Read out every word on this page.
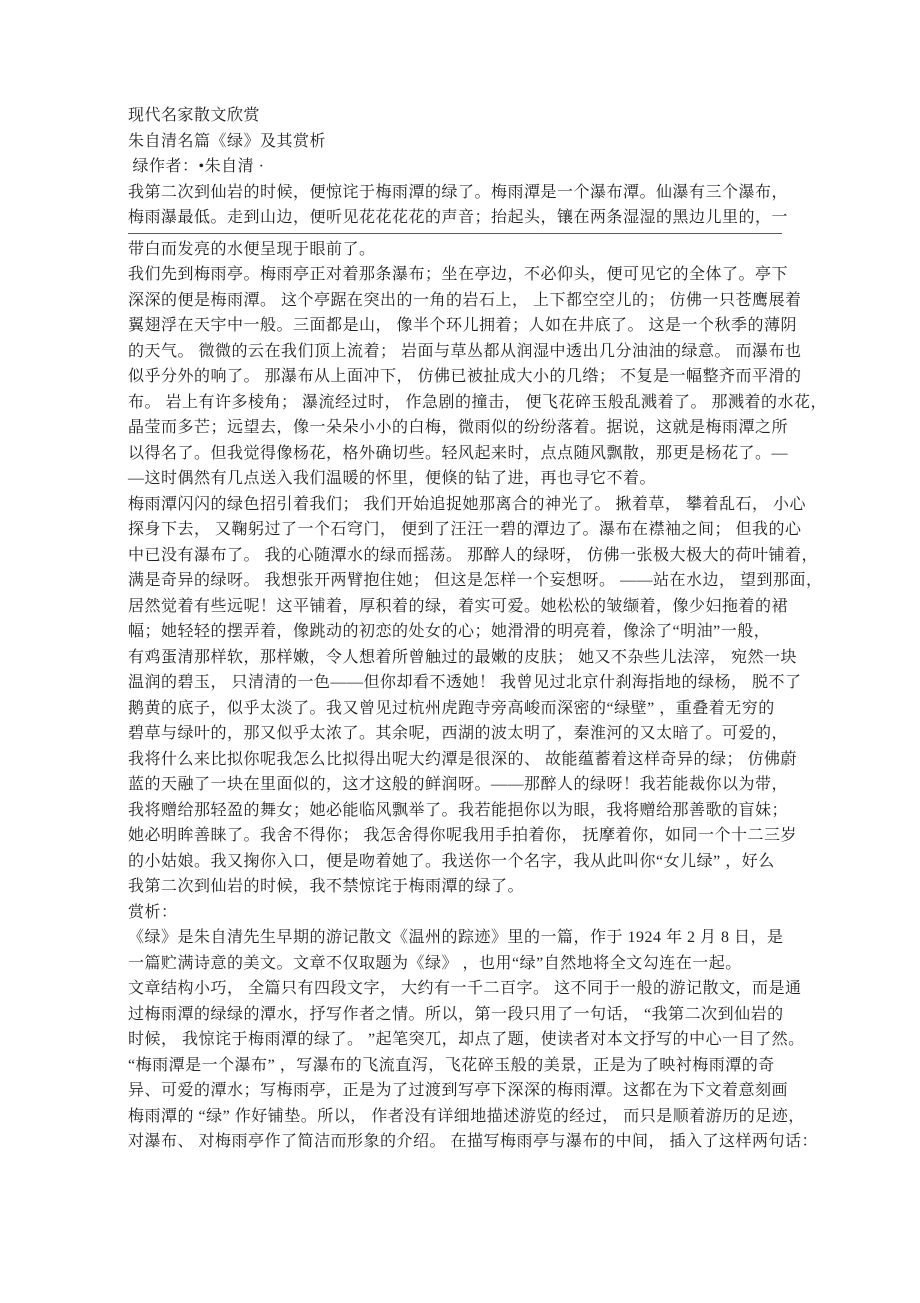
现代名家散文欣赏
朱自清名篇《绿》及其赏析
绿作者：•朱自清 ·
我第二次到仙岩的时候，便惊诧于梅雨潭的绿了。梅雨潭是一个瀑布潭。仙瀑有三个瀑布，
梅雨瀑最低。走到山边，便听见花花花花的声音；抬起头，镶在两条湿湿的黑边儿里的，一
带白而发亮的水便呈现于眼前了。
我们先到梅雨亭。梅雨亭正对着那条瀑布；坐在亭边，不必仰头，便可见它的全体了。亭下
深深的便是梅雨潭。 这个亭踞在突出的一角的岩石上， 上下都空空儿的； 仿佛一只苍鹰展着
翼翅浮在天宇中一般。三面都是山， 像半个环儿拥着；人如在井底了。 这是一个秋季的薄阴
的天气。 微微的云在我们顶上流着； 岩面与草丛都从润湿中透出几分油油的绿意。 而瀑布也
似乎分外的响了。 那瀑布从上面冲下， 仿佛已被扯成大小的几绺； 不复是一幅整齐而平滑的
布。 岩上有许多棱角； 瀑流经过时， 作急剧的撞击， 便飞花碎玉般乱溅着了。 那溅着的水花，
晶莹而多芒；远望去，像一朵朵小小的白梅，微雨似的纷纷落着。据说，这就是梅雨潭之所
以得名了。但我觉得像杨花，格外确切些。轻风起来时，点点随风飘散，那更是杨花了。—
—这时偶然有几点送入我们温暖的怀里，便倏的钻了进，再也寻它不着。
梅雨潭闪闪的绿色招引着我们； 我们开始追捉她那离合的神光了。 揪着草， 攀着乱石， 小心
探身下去， 又鞠躬过了一个石穹门， 便到了汪汪一碧的潭边了。瀑布在襟袖之间； 但我的心
中已没有瀑布了。 我的心随潭水的绿而摇荡。 那醉人的绿呀， 仿佛一张极大极大的荷叶铺着，
满是奇异的绿呀。 我想张开两臂抱住她； 但这是怎样一个妄想呀。 ——站在水边， 望到那面，
居然觉着有些远呢！这平铺着，厚积着的绿，着实可爱。她松松的皱缬着，像少妇拖着的裙
幅；她轻轻的摆弄着，像跳动的初恋的处女的心；她滑滑的明亮着，像涂了“明油”一般，
有鸡蛋清那样软，那样嫩，令人想着所曾触过的最嫩的皮肤； 她又不杂些儿法滓， 宛然一块
温润的碧玉， 只清清的一色——但你却看不透她！ 我曾见过北京什刹海指地的绿杨， 脱不了
鹅黄的底子，似乎太淡了。我又曾见过杭州虎跑寺旁高峻而深密的“绿壁” ，重叠着无穷的
碧草与绿叶的，那又似乎太浓了。其余呢，西湖的波太明了，秦淮河的又太暗了。可爱的，
我将什么来比拟你呢我怎么比拟得出呢大约潭是很深的、 故能蕴蓄着这样奇异的绿； 仿佛蔚
蓝的天融了一块在里面似的，这才这般的鲜润呀。——那醉人的绿呀！我若能裁你以为带，
我将赠给那轻盈的舞女；她必能临风飘举了。我若能挹你以为眼，我将赠给那善歌的盲妹；
她必明眸善睐了。我舍不得你； 我怎舍得你呢我用手拍着你， 抚摩着你，如同一个十二三岁
的小姑娘。我又掬你入口，便是吻着她了。我送你一个名字，我从此叫你“女儿绿” ，好么
我第二次到仙岩的时候，我不禁惊诧于梅雨潭的绿了。
赏析：
《绿》是朱自清先生早期的游记散文《温州的踪迹》里的一篇，作于 1924 年 2 月 8 日，是
一篇贮满诗意的美文。文章不仅取题为《绿》 ，也用“绿”自然地将全文勾连在一起。
文章结构小巧， 全篇只有四段文字， 大约有一千二百字。 这不同于一般的游记散文，而是通
过梅雨潭的绿绿的潭水，抒写作者之情。所以，第一段只用了一句话， “我第二次到仙岩的
时候， 我惊诧于梅雨潭的绿了。 ”起笔突兀，却点了题，使读者对本文抒写的中心一目了然。
“梅雨潭是一个瀑布” ，写瀑布的飞流直泻，飞花碎玉般的美景，正是为了映衬梅雨潭的奇
异、可爱的潭水；写梅雨亭，正是为了过渡到写亭下深深的梅雨潭。这都在为下文着意刻画
梅雨潭的 “绿” 作好铺垫。所以， 作者没有详细地描述游览的经过， 而只是顺着游历的足迹，
对瀑布、 对梅雨亭作了简洁而形象的介绍。 在描写梅雨亭与瀑布的中间， 插入了这样两句话：
